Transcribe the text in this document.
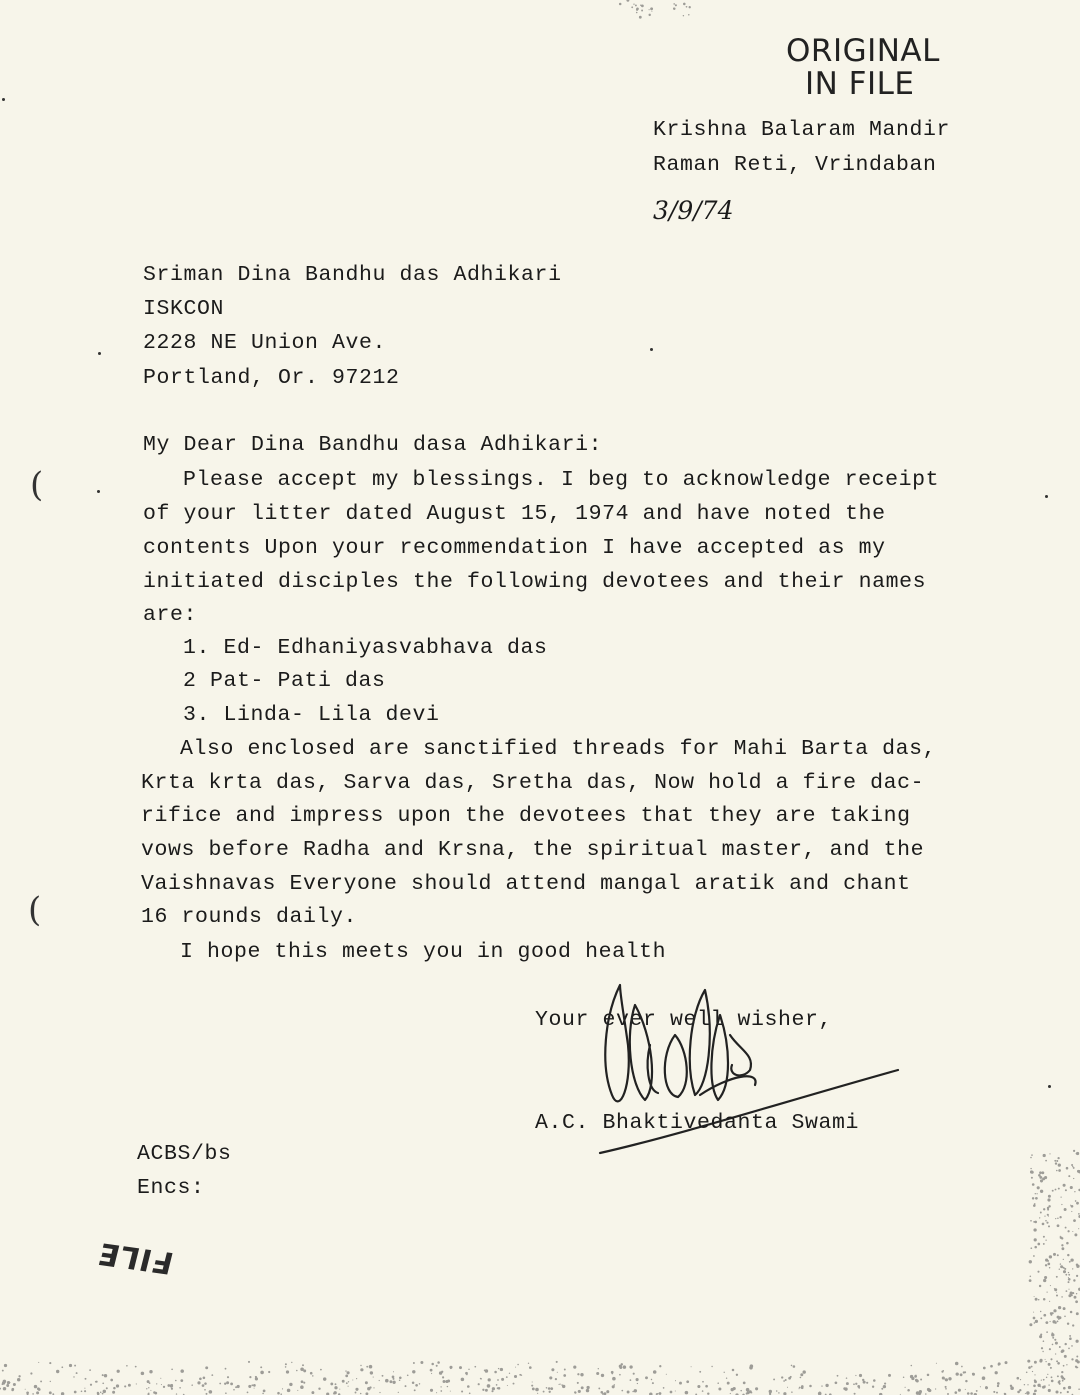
ORIGINAL
IN FILE
Krishna Balaram Mandir
Raman Reti, Vrindaban
3/9/74
Sriman Dina Bandhu das Adhikari
ISKCON
2228 NE Union Ave.
Portland, Or. 97212
My Dear Dina Bandhu dasa Adhikari:
Please accept my blessings. I beg to acknowledge receipt
of your litter dated August 15, 1974 and have noted the
contents Upon your recommendation I have accepted as my
initiated disciples the following devotees and their names
are:
1. Ed- Edhaniyasvabhava das
2 Pat- Pati das
3. Linda- Lila devi
Also enclosed are sanctified threads for Mahi Barta das,
Krta krta das, Sarva das, Sretha das, Now hold a fire dac-
rifice and impress upon the devotees that they are taking
vows before Radha and Krsna, the spiritual master, and the
Vaishnavas Everyone should attend mangal aratik and chant
16 rounds daily.
I hope this meets you in good health
Your ever well wisher,
A.C. Bhaktivedanta Swami
ACBS/bs
Encs:
(
(
FILE
